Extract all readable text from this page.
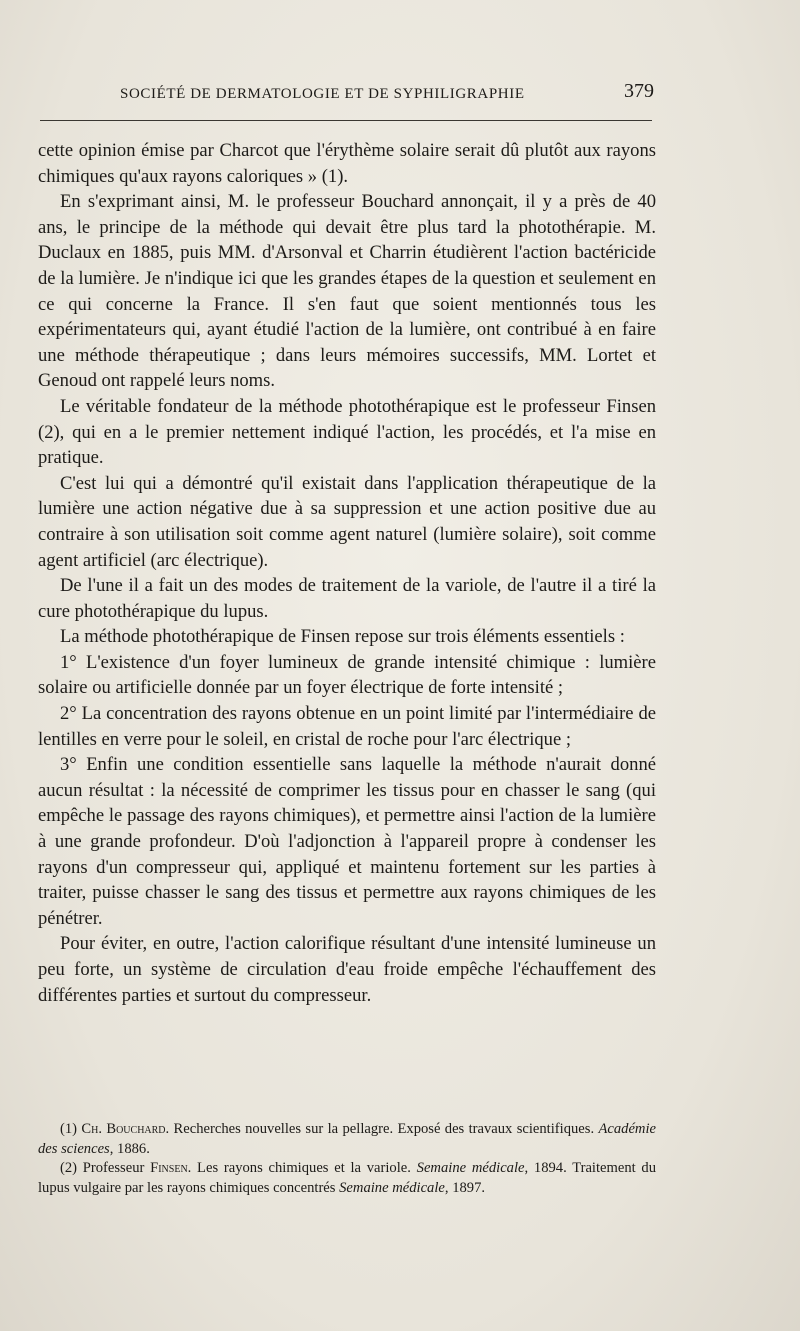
SOCIÉTÉ DE DERMATOLOGIE ET DE SYPHILIGRAPHIE	379

cette opinion émise par Charcot que l'érythème solaire serait dû plutôt aux rayons chimiques qu'aux rayons caloriques » (1).

En s'exprimant ainsi, M. le professeur Bouchard annonçait, il y a près de 40 ans, le principe de la méthode qui devait être plus tard la photothérapie. M. Duclaux en 1885, puis MM. d'Arsonval et Charrin étudièrent l'action bactéricide de la lumière. Je n'indique ici que les grandes étapes de la question et seulement en ce qui concerne la France. Il s'en faut que soient mentionnés tous les expérimentateurs qui, ayant étudié l'action de la lumière, ont contribué à en faire une méthode thérapeutique ; dans leurs mémoires successifs, MM. Lortet et Genoud ont rappelé leurs noms.

Le véritable fondateur de la méthode photothérapique est le professeur Finsen (2), qui en a le premier nettement indiqué l'action, les procédés, et l'a mise en pratique.

C'est lui qui a démontré qu'il existait dans l'application thérapeutique de la lumière une action négative due à sa suppression et une action positive due au contraire à son utilisation soit comme agent naturel (lumière solaire), soit comme agent artificiel (arc électrique).

De l'une il a fait un des modes de traitement de la variole, de l'autre il a tiré la cure photothérapique du lupus.

La méthode photothérapique de Finsen repose sur trois éléments essentiels :

1° L'existence d'un foyer lumineux de grande intensité chimique : lumière solaire ou artificielle donnée par un foyer électrique de forte intensité ;

2° La concentration des rayons obtenue en un point limité par l'intermédiaire de lentilles en verre pour le soleil, en cristal de roche pour l'arc électrique ;

3° Enfin une condition essentielle sans laquelle la méthode n'aurait donné aucun résultat : la nécessité de comprimer les tissus pour en chasser le sang (qui empêche le passage des rayons chimiques), et permettre ainsi l'action de la lumière à une grande profondeur. D'où l'adjonction à l'appareil propre à condenser les rayons d'un compresseur qui, appliqué et maintenu fortement sur les parties à traiter, puisse chasser le sang des tissus et permettre aux rayons chimiques de les pénétrer.

Pour éviter, en outre, l'action calorifique résultant d'une intensité lumineuse un peu forte, un système de circulation d'eau froide empêche l'échauffement des différentes parties et surtout du compresseur.

(1) Ch. Bouchard. Recherches nouvelles sur la pellagre. Exposé des travaux scientifiques. Académie des sciences, 1886.

(2) Professeur Finsen. Les rayons chimiques et la variole. Semaine médicale, 1894. Traitement du lupus vulgaire par les rayons chimiques concentrés Semaine médicale, 1897.
